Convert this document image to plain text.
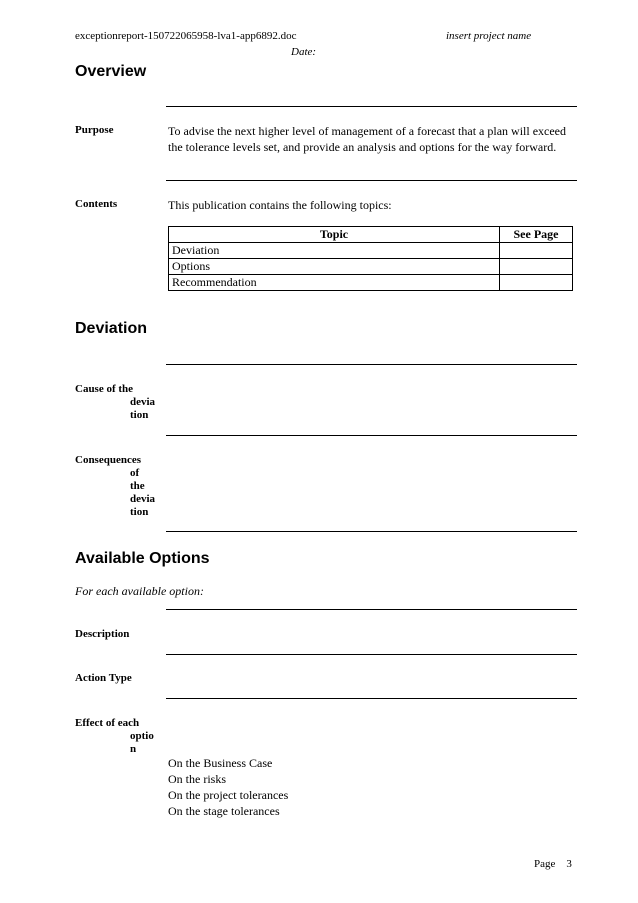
exceptionreport-150722065958-lva1-app6892.doc	insert project name
Date:
Overview
Purpose	To advise the next higher level of management of a forecast that a plan will exceed the tolerance levels set, and provide an analysis and options for the way forward.
Contents	This publication contains the following topics:
Topic	See Page
Deviation	
Options	
Recommendation	
Deviation
Cause of the
devia
tion
Consequences
of
the
devia
tion
Available Options
For each available option:
Description
Action Type
Effect of each
optio
n
On the Business Case
On the risks
On the project tolerances
On the stage tolerances
Page 3
